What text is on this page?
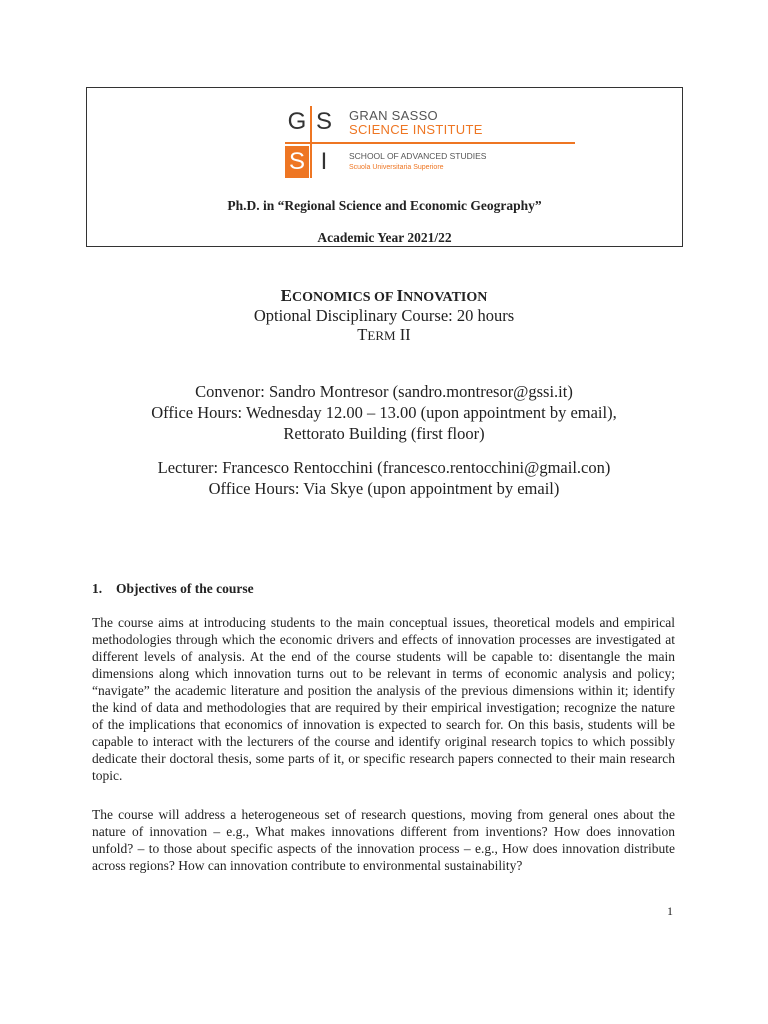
G S
S I
GRAN SASSO
SCIENCE INSTITUTE
SCHOOL OF ADVANCED STUDIES
Scuola Universitaria Superiore
Ph.D. in “Regional Science and Economic Geography”
Academic Year 2021/22
ECONOMICS OF INNOVATION
Optional Disciplinary Course: 20 hours
TERM II
Convenor: Sandro Montresor (sandro.montresor@gssi.it)
Office Hours: Wednesday 12.00 – 13.00 (upon appointment by email),
Rettorato Building (first floor)
Lecturer: Francesco Rentocchini (francesco.rentocchini@gmail.con)
Office Hours: Via Skye (upon appointment by email)
1. Objectives of the course

The course aims at introducing students to the main conceptual issues, theoretical models and empirical methodologies through which the economic drivers and effects of innovation processes are investigated at different levels of analysis. At the end of the course students will be capable to: disentangle the main dimensions along which innovation turns out to be relevant in terms of economic analysis and policy; “navigate” the academic literature and position the analysis of the previous dimensions within it; identify the kind of data and methodologies that are required by their empirical investigation; recognize the nature of the implications that economics of innovation is expected to search for. On this basis, students will be capable to interact with the lecturers of the course and identify original research topics to which possibly dedicate their doctoral thesis, some parts of it, or specific research papers connected to their main research topic.

The course will address a heterogeneous set of research questions, moving from general ones about the nature of innovation – e.g., What makes innovations different from inventions? How does innovation unfold? – to those about specific aspects of the innovation process – e.g., How does innovation distribute across regions? How can innovation contribute to environmental sustainability?

1
